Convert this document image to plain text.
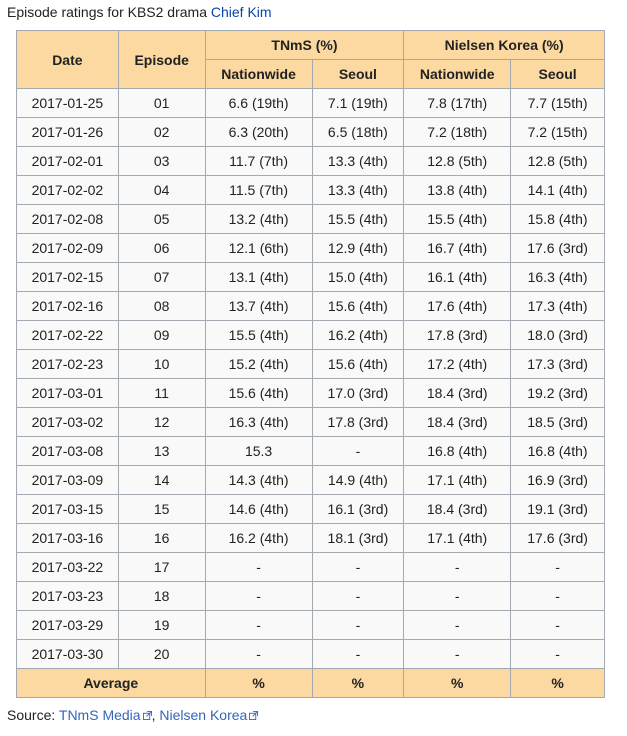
Episode ratings for KBS2 drama Chief Kim
Date	Episode	TNmS (%)		Nielsen Korea (%)	
		Nationwide	Seoul	Nationwide	Seoul
2017-01-25	01	6.6 (19th)	7.1 (19th)	7.8 (17th)	7.7 (15th)
2017-01-26	02	6.3 (20th)	6.5 (18th)	7.2 (18th)	7.2 (15th)
2017-02-01	03	11.7 (7th)	13.3 (4th)	12.8 (5th)	12.8 (5th)
2017-02-02	04	11.5 (7th)	13.3 (4th)	13.8 (4th)	14.1 (4th)
2017-02-08	05	13.2 (4th)	15.5 (4th)	15.5 (4th)	15.8 (4th)
2017-02-09	06	12.1 (6th)	12.9 (4th)	16.7 (4th)	17.6 (3rd)
2017-02-15	07	13.1 (4th)	15.0 (4th)	16.1 (4th)	16.3 (4th)
2017-02-16	08	13.7 (4th)	15.6 (4th)	17.6 (4th)	17.3 (4th)
2017-02-22	09	15.5 (4th)	16.2 (4th)	17.8 (3rd)	18.0 (3rd)
2017-02-23	10	15.2 (4th)	15.6 (4th)	17.2 (4th)	17.3 (3rd)
2017-03-01	11	15.6 (4th)	17.0 (3rd)	18.4 (3rd)	19.2 (3rd)
2017-03-02	12	16.3 (4th)	17.8 (3rd)	18.4 (3rd)	18.5 (3rd)
2017-03-08	13	15.3	-	16.8 (4th)	16.8 (4th)
2017-03-09	14	14.3 (4th)	14.9 (4th)	17.1 (4th)	16.9 (3rd)
2017-03-15	15	14.6 (4th)	16.1 (3rd)	18.4 (3rd)	19.1 (3rd)
2017-03-16	16	16.2 (4th)	18.1 (3rd)	17.1 (4th)	17.6 (3rd)
2017-03-22	17	-	-	-	-
2017-03-23	18	-	-	-	-
2017-03-29	19	-	-	-	-
2017-03-30	20	-	-	-	-
Average		%	%	%	%
Source: TNmS Media , Nielsen Korea
